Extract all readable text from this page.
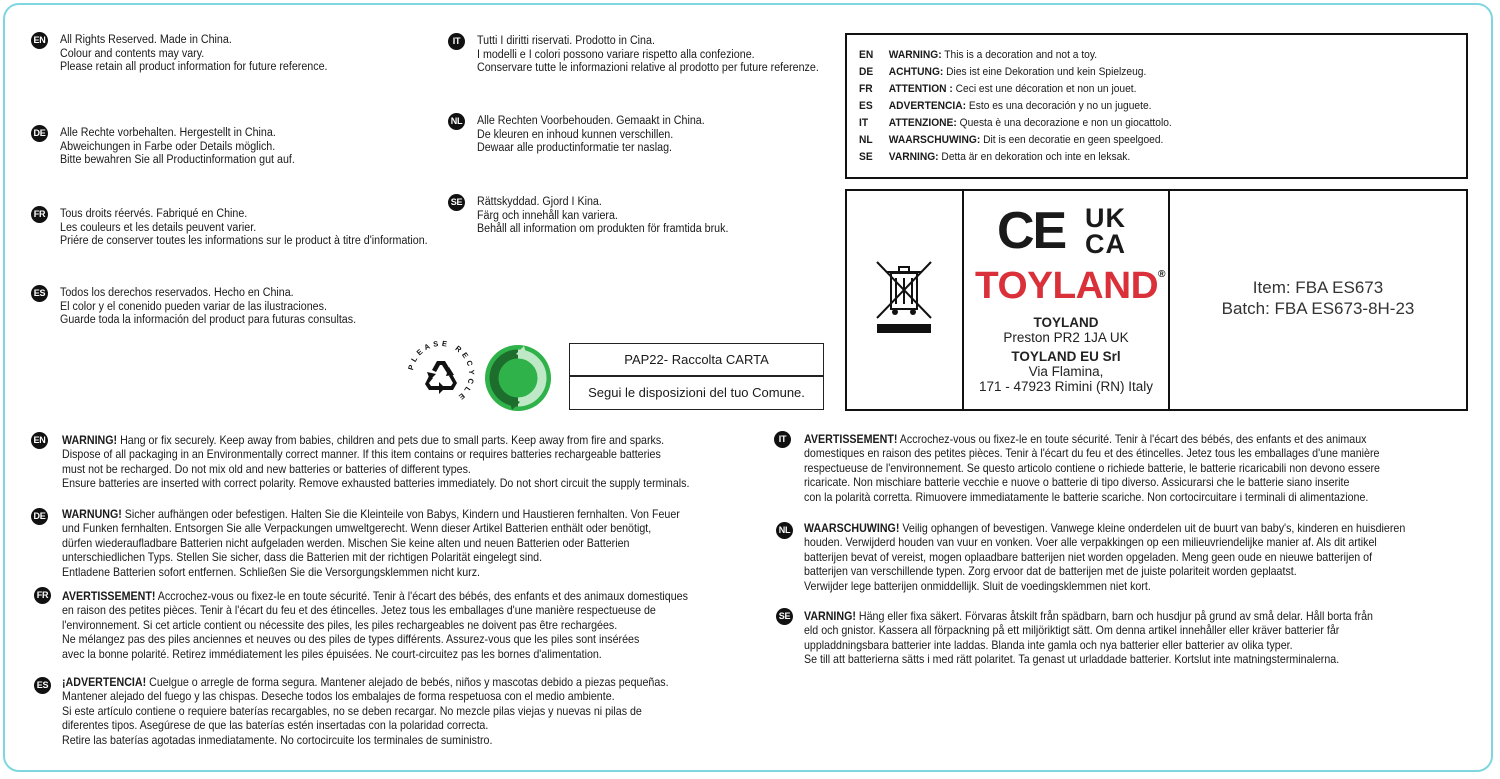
EN All Rights Reserved. Made in China.
Colour and contents may vary.
Please retain all product information for future reference.
DE Alle Rechte vorbehalten. Hergestellt in China.
Abweichungen in Farbe oder Details möglich.
Bitte bewahren Sie all Productinformation gut auf.
FR Tous droits réervés. Fabriqué en Chine.
Les couleurs et les details peuvent varier.
Priére de conserver toutes les informations sur le product à titre d'information.
ES Todos los derechos reservados. Hecho en China.
El color y el conenido pueden variar de las ilustraciones.
Guarde toda la información del product para futuras consultas.
IT	Tutti I diritti riservati. Prodotto in Cina.
I modelli e I colori possono variare rispetto alla confezione.
Conservare tutte le informazioni relative al prodotto per future referenze.
NL Alle Rechten Voorbehouden. Gemaakt in China.
De kleuren en inhoud kunnen verschillen.
Dewaar alle productinformatie ter naslag.
SE Rättskyddad. Gjord I Kina.
Färg och innehåll kan variera.
Behåll all information om produkten för framtida bruk.
PLEASE RECYCLE
PAP22- Raccolta CARTA
Segui le disposizioni del tuo Comune.
EN WARNING: This is a decoration and not a toy.
DE ACHTUNG: Dies ist eine Dekoration und kein Spielzeug.
FR ATTENTION : Ceci est une décoration et non un jouet.
ES ADVERTENCIA: Esto es una decoración y no un juguete.
IT ATTENZIONE: Questa è una decorazione e non un giocattolo.
NL WAARSCHUWING: Dit is een decoratie en geen speelgoed.
SE VARNING: Detta är en dekoration och inte en leksak.
CE UK
CA
TOYLAND®
TOYLAND
Preston PR2 1JA UK
TOYLAND EU Srl
Via Flamina,
171 - 47923 Rimini (RN) Italy
Item: FBA ES673
Batch: FBA ES673-8H-23
EN WARNING! Hang or fix securely. Keep away from babies, children and pets due to small parts. Keep away from fire and sparks.
Dispose of all packaging in an Environmentally correct manner. If this item contains or requires batteries rechargeable batteries
must not be recharged. Do not mix old and new batteries or batteries of different types.
Ensure batteries are inserted with correct polarity. Remove exhausted batteries immediately. Do not short circuit the supply terminals.
DE WARNUNG! Sicher aufhängen oder befestigen. Halten Sie die Kleinteile von Babys, Kindern und Haustieren fernhalten. Von Feuer
und Funken fernhalten. Entsorgen Sie alle Verpackungen umweltgerecht. Wenn dieser Artikel Batterien enthält oder benötigt,
dürfen wiederaufladbare Batterien nicht aufgeladen werden. Mischen Sie keine alten und neuen Batterien oder Batterien
unterschiedlichen Typs. Stellen Sie sicher, dass die Batterien mit der richtigen Polarität eingelegt sind.
Entladene Batterien sofort entfernen. Schließen Sie die Versorgungsklemmen nicht kurz.
FR AVERTISSEMENT! Accrochez-vous ou fixez-le en toute sécurité. Tenir à l'écart des bébés, des enfants et des animaux domestiques
en raison des petites pièces. Tenir à l'écart du feu et des étincelles. Jetez tous les emballages d'une manière respectueuse de
l'environnement. Si cet article contient ou nécessite des piles, les piles rechargeables ne doivent pas être rechargées.
Ne mélangez pas des piles anciennes et neuves ou des piles de types différents. Assurez-vous que les piles sont insérées
avec la bonne polarité. Retirez immédiatement les piles épuisées. Ne court-circuitez pas les bornes d'alimentation.
ES ¡ADVERTENCIA! Cuelgue o arregle de forma segura. Mantener alejado de bebés, niños y mascotas debido a piezas pequeñas.
Mantener alejado del fuego y las chispas. Deseche todos los embalajes de forma respetuosa con el medio ambiente.
Si este artículo contiene o requiere baterías recargables, no se deben recargar. No mezcle pilas viejas y nuevas ni pilas de
diferentes tipos. Asegúrese de que las baterías estén insertadas con la polaridad correcta.
Retire las baterías agotadas inmediatamente. No cortocircuite los terminales de suministro.
IT	AVERTISSEMENT! Accrochez-vous ou fixez-le en toute sécurité. Tenir à l'écart des bébés, des enfants et des animaux
domestiques en raison des petites pièces. Tenir à l'écart du feu et des étincelles. Jetez tous les emballages d'une manière
respectueuse de l'environnement. Se questo articolo contiene o richiede batterie, le batterie ricaricabili non devono essere
ricaricate. Non mischiare batterie vecchie e nuove o batterie di tipo diverso. Assicurarsi che le batterie siano inserite
con la polarità corretta. Rimuovere immediatamente le batterie scariche. Non cortocircuitare i terminali di alimentazione.
NL WAARSCHUWING! Veilig ophangen of bevestigen. Vanwege kleine onderdelen uit de buurt van baby's, kinderen en huisdieren
houden. Verwijderd houden van vuur en vonken. Voer alle verpakkingen op een milieuvriendelijke manier af. Als dit artikel
batterijen bevat of vereist, mogen oplaadbare batterijen niet worden opgeladen. Meng geen oude en nieuwe batterijen of
batterijen van verschillende typen. Zorg ervoor dat de batterijen met de juiste polariteit worden geplaatst.
Verwijder lege batterijen onmiddellijk. Sluit de voedingsklemmen niet kort.
SE VARNING! Häng eller fixa säkert. Förvaras åtskilt från spädbarn, barn och husdjur på grund av små delar. Håll borta från
eld och gnistor. Kassera all förpackning på ett miljöriktigt sätt. Om denna artikel innehåller eller kräver batterier får
uppladdningsbara batterier inte laddas. Blanda inte gamla och nya batterier eller batterier av olika typer.
Se till att batterierna sätts i med rätt polaritet. Ta genast ut urladdade batterier. Kortslut inte matningsterminalerna.
